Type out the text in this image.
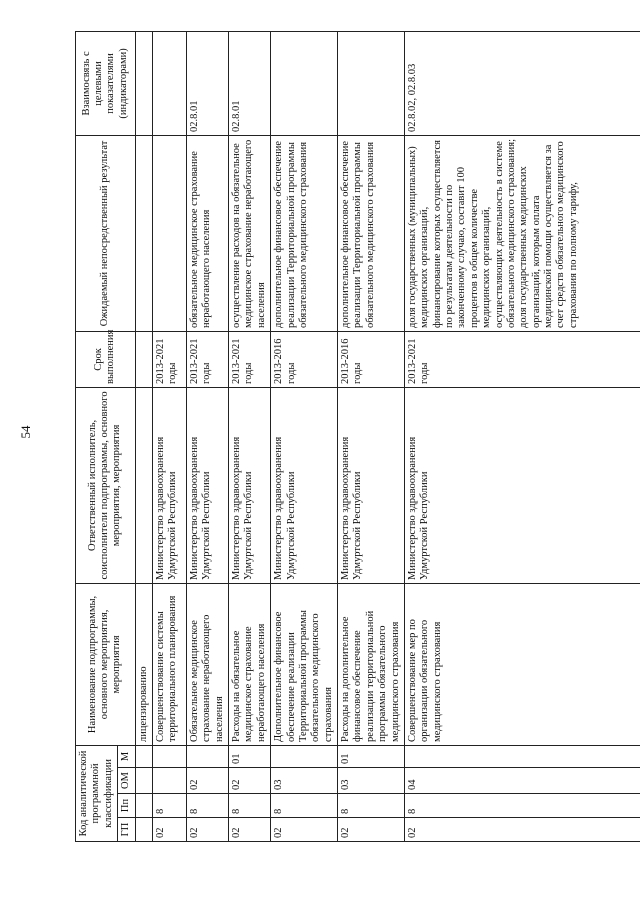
54
Код аналитической программной классификации				Наименование подпрограммы, основного мероприятия, мероприятия	Ответственный исполнитель, соисполнители подпрограммы, основного мероприятия, мероприятия	Срок выполнения	Ожидаемый непосредственный результат	Взаимосвязь с целевыми показателями (индикаторами)
ГП	Пп	ОМ	М					
				лицензированию				
02	8			Совершенствование системы территориального планирования	Министерство здравоохранения Удмуртской Республики	2013-2021 годы		
02	8	02		Обязательное медицинское страхование неработающего населения	Министерство здравоохранения Удмуртской Республики	2013-2021 годы	обязательное медицинское страхование неработающего населения	02.8.01
02	8	02	01	Расходы на обязательное медицинское страхование неработающего населения	Министерство здравоохранения Удмуртской Республики	2013-2021 годы	осуществление расходов на обязательное медицинское страхование неработающего населения	02.8.01
02	8	03		Дополнительное финансовое обеспечение реализации Территориальной программы обязательного медицинского страхования	Министерство здравоохранения Удмуртской Республики	2013-2016 годы	дополнительное финансовое обеспечение реализации Территориальной программы обязательного медицинского страхования	
02	8	03	01	Расходы на дополнительное финансовое обеспечение реализации территориальной программы обязательного медицинского страхования	Министерство здравоохранения Удмуртской Республики	2013-2016 годы	дополнительное финансовое обеспечение реализации Территориальной программы обязательного медицинского страхования	
02	8	04		Совершенствование мер по организации обязательного медицинского страхования	Министерство здравоохранения Удмуртской Республики	2013-2021 годы	доля государственных (муниципальных) медицинских организаций, финансирование которых осуществляется по результатам деятельности по законченному случаю, составит 100 процентов в общем количестве медицинских организаций, осуществляющих деятельность в системе обязательного медицинского страхования; доля государственных медицинских организаций, которым оплата медицинской помощи осуществляется за счет средств обязательного медицинского страхования по полному тарифу,	02.8.02, 02.8.03
